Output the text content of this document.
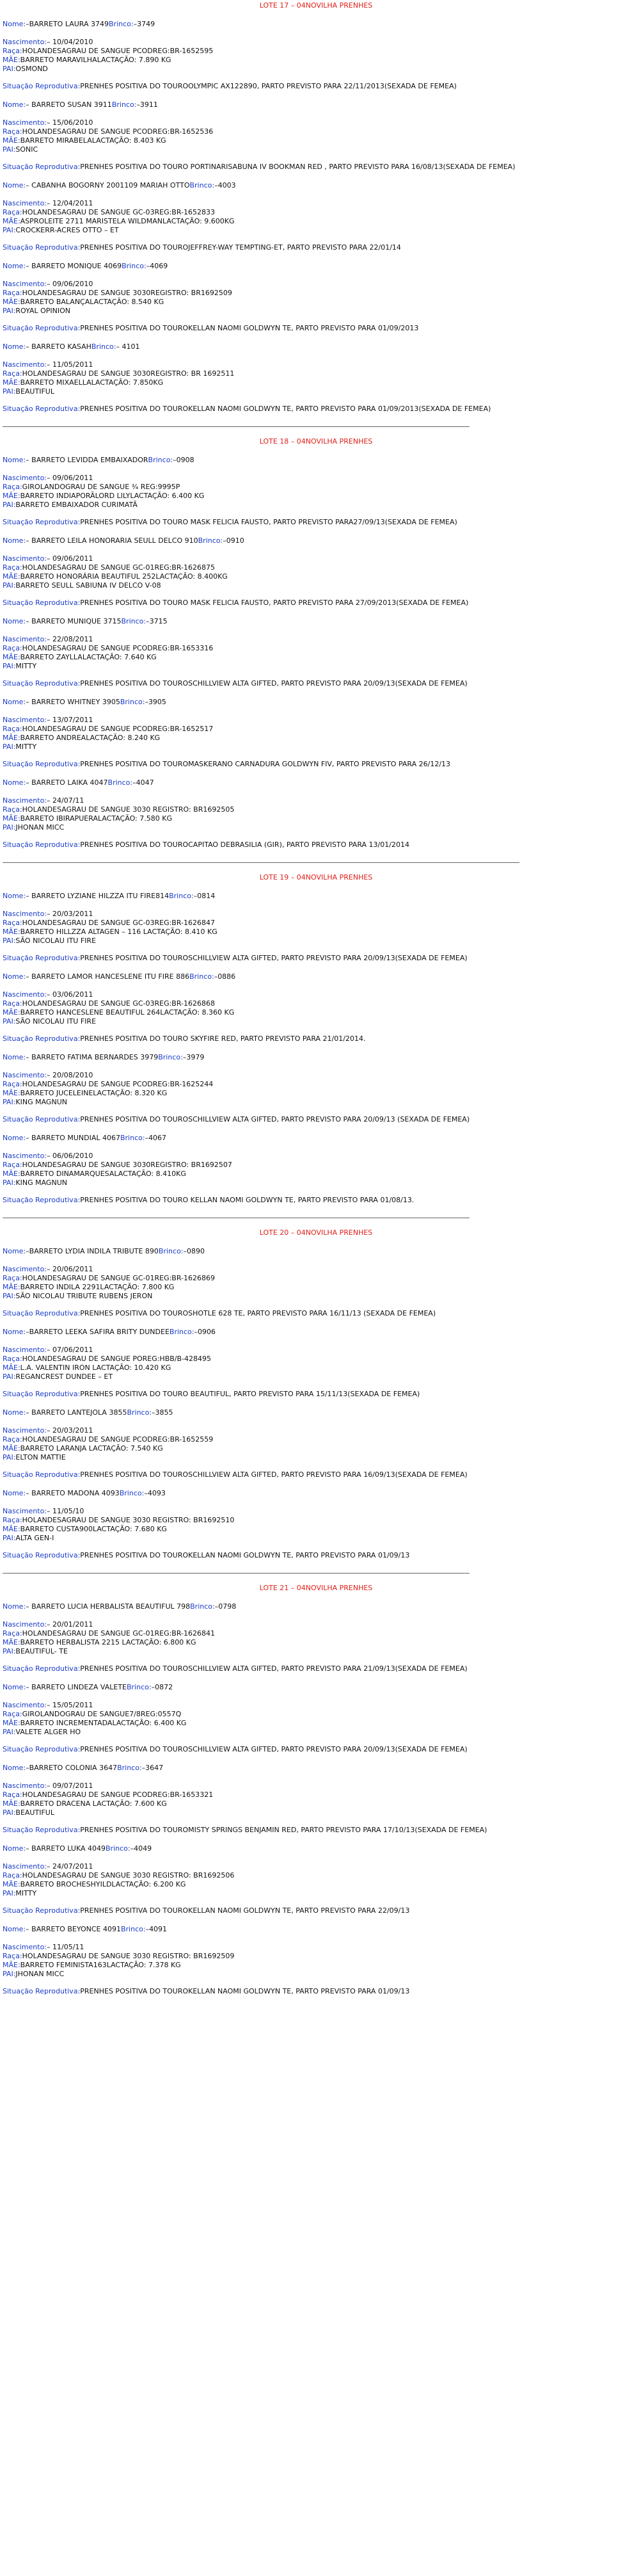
LOTE 17 – 04NOVILHA PRENHES
Nome:–BARRETO LAURA 3749Brinco:–3749
Nascimento:– 10/04/2010
Raça:HOLANDESAGRAU DE SANGUE PCODREG:BR-1652595
MÃE:BARRETO MARAVILHALACTAÇÃO: 7.890 KG
PAI:OSMOND
Situação Reprodutiva:PRENHES POSITIVA DO TOUROOLYMPIC AX122890, PARTO PREVISTO PARA 22/11/2013(SEXADA DE FEMEA)
Nome:– BARRETO SUSAN 3911Brinco:–3911
Nascimento:– 15/06/2010
Raça:HOLANDESAGRAU DE SANGUE PCODREG:BR-1652536
MÃE:BARRETO MIRABELALACTAÇÃO: 8.403 KG
PAI:SONIC
Situação Reprodutiva:PRENHES POSITIVA DO TOURO PORTINARISABUNA IV BOOKMAN RED , PARTO PREVISTO PARA 16/08/13(SEXADA DE FEMEA)
Nome:– CABANHA BOGORNY 2001109 MARIAH OTTOBrinco:–4003
Nascimento:– 12/04/2011
Raça:HOLANDESAGRAU DE SANGUE GC-03REG:BR-1652833
MÃE:ASPROLEITE 2711 MARISTELA WILDMANLACTAÇÃO: 9.600KG
PAI:CROCKERR-ACRES OTTO – ET
Situação Reprodutiva:PRENHES POSITIVA DO TOUROJEFFREY-WAY TEMPTING-ET, PARTO PREVISTO PARA 22/01/14
Nome:– BARRETO MONIQUE 4069Brinco:–4069
Nascimento:– 09/06/2010
Raça:HOLANDESAGRAU DE SANGUE 3030REGISTRO: BR1692509
MÃE:BARRETO BALANÇALACTAÇÃO: 8.540 KG
PAI:ROYAL OPINION
Situação Reprodutiva:PRENHES POSITIVA DO TOUROKELLAN NAOMI GOLDWYN TE, PARTO PREVISTO PARA 01/09/2013
Nome:– BARRETO KASAHBrinco:– 4101
Nascimento:– 11/05/2011
Raça:HOLANDESAGRAU DE SANGUE 3030REGISTRO: BR 1692511
MÃE:BARRETO MIXAELLALACTAÇÃO: 7.850KG
PAI:BEAUTIFUL
Situação Reprodutiva:PRENHES POSITIVA DO TOUROKELLAN NAOMI GOLDWYN TE, PARTO PREVISTO PARA 01/09/2013(SEXADA DE FEMEA)
LOTE 18 – 04NOVILHA PRENHES
Nome:– BARRETO LEVIDDA EMBAIXADORBrinco:–0908
Nascimento:– 09/06/2011
Raça:GIROLANDOGRAU DE SANGUE ¾ REG:9995P
MÃE:BARRETO INDIAPORÃLORD LILYLACTAÇÃO: 6.400 KG
PAI:BARRETO EMBAIXADOR CURIMATÃ
Situação Reprodutiva:PRENHES POSITIVA DO TOURO MASK FELICIA FAUSTO, PARTO PREVISTO PARA27/09/13(SEXADA DE FEMEA)
Nome:– BARRETO LEILA HONORARIA SEULL DELCO 910Brinco:–0910
Nascimento:– 09/06/2011
Raça:HOLANDESAGRAU DE SANGUE GC-01REG:BR-1626875
MÃE:BARRETO HONORÁRIA BEAUTIFUL 252LACTAÇÃO: 8.400KG
PAI:BARRETO SEULL SABIUNA IV DELCO V-08
Situação Reprodutiva:PRENHES POSITIVA DO TOURO MASK FELICIA FAUSTO, PARTO PREVISTO PARA 27/09/2013(SEXADA DE FEMEA)
Nome:– BARRETO MUNIQUE 3715Brinco:–3715
Nascimento:– 22/08/2011
Raça:HOLANDESAGRAU DE SANGUE PCODREG:BR-1653316
MÃE:BARRETO ZAYLLALACTAÇÃO: 7.640 KG
PAI:MITTY
Situação Reprodutiva:PRENHES POSITIVA DO TOUROSCHILLVIEW ALTA GIFTED, PARTO PREVISTO PARA 20/09/13(SEXADA DE FEMEA)
Nome:– BARRETO WHITNEY 3905Brinco:–3905
Nascimento:– 13/07/2011
Raça:HOLANDESAGRAU DE SANGUE PCODREG:BR-1652517
MÃE:BARRETO ANDREALACTAÇÃO: 8.240 KG
PAI:MITTY
Situação Reprodutiva:PRENHES POSITIVA DO TOUROMASKERANO CARNADURA GOLDWYN FIV, PARTO PREVISTO PARA 26/12/13
Nome:– BARRETO LAIKA 4047Brinco:–4047
Nascimento:– 24/07/11
Raça:HOLANDESAGRAU DE SANGUE 3030 REGISTRO: BR1692505
MÃE:BARRETO IBIRAPUERALACTAÇÃO: 7.580 KG
PAI:JHONAN MICC
Situação Reprodutiva:PRENHES POSITIVA DO TOUROCAPITAO DEBRASILIA (GIR), PARTO PREVISTO PARA 13/01/2014
LOTE 19 – 04NOVILHA PRENHES
Nome:– BARRETO LYZIANE HILZZA ITU FIRE814Brinco:–0814
Nascimento:– 20/03/2011
Raça:HOLANDESAGRAU DE SANGUE GC-03REG:BR-1626847
MÃE:BARRETO HILLZZA ALTAGEN – 116 LACTAÇÃO: 8.410 KG
PAI:SÃO NICOLAU ITU FIRE
Situação Reprodutiva:PRENHES POSITIVA DO TOUROSCHILLVIEW ALTA GIFTED, PARTO PREVISTO PARA 20/09/13(SEXADA DE FEMEA)
Nome:– BARRETO LAMOR HANCESLENE ITU FIRE 886Brinco:–0886
Nascimento:– 03/06/2011
Raça:HOLANDESAGRAU DE SANGUE GC-03REG:BR-1626868
MÃE:BARRETO HANCESLENE BEAUTIFUL 264LACTAÇÃO: 8.360 KG
PAI:SÃO NICOLAU ITU FIRE
Situação Reprodutiva:PRENHES POSITIVA DO TOURO SKYFIRE RED, PARTO PREVISTO PARA 21/01/2014.
Nome:– BARRETO FATIMA BERNARDES 3979Brinco:–3979
Nascimento:– 20/08/2010
Raça:HOLANDESAGRAU DE SANGUE PCODREG:BR-1625244
MÃE:BARRETO JUCELEINELACTAÇÃO: 8.320 KG
PAI:KING MAGNUN
Situação Reprodutiva:PRENHES POSITIVA DO TOUROSCHILLVIEW ALTA GIFTED, PARTO PREVISTO PARA 20/09/13 (SEXADA DE FEMEA)
Nome:– BARRETO MUNDIAL 4067Brinco:–4067
Nascimento:– 06/06/2010
Raça:HOLANDESAGRAU DE SANGUE 3030REGISTRO: BR1692507
MÃE:BARRETO DINAMARQUESALACTAÇÃO: 8.410KG
PAI:KING MAGNUN
Situação Reprodutiva:PRENHES POSITIVA DO TOURO KELLAN NAOMI GOLDWYN TE, PARTO PREVISTO PARA 01/08/13.
LOTE 20 – 04NOVILHA PRENHES
Nome:–BARRETO LYDIA INDILA TRIBUTE 890Brinco:–0890
Nascimento:– 20/06/2011
Raça:HOLANDESAGRAU DE SANGUE GC-01REG:BR-1626869
MÃE:BARRETO INDILA 2291LACTAÇÃO: 7.800 KG
PAI:SÃO NICOLAU TRIBUTE RUBENS JERON
Situação Reprodutiva:PRENHES POSITIVA DO TOUROSHOTLE 628 TE, PARTO PREVISTO PARA 16/11/13 (SEXADA DE FEMEA)
Nome:–BARRETO LEEKA SAFIRA BRITY DUNDEEBrinco:–0906
Nascimento:– 07/06/2011
Raça:HOLANDESAGRAU DE SANGUE POREG:HBB/B-428495
MÃE:L.A. VALENTIN IRON LACTAÇÃO: 10.420 KG
PAI:REGANCREST DUNDEE – ET
Situação Reprodutiva:PRENHES POSITIVA DO TOURO BEAUTIFUL, PARTO PREVISTO PARA 15/11/13(SEXADA DE FEMEA)
Nome:– BARRETO LANTEJOLA 3855Brinco:–3855
Nascimento:– 20/03/2011
Raça:HOLANDESAGRAU DE SANGUE PCODREG:BR-1652559
MÃE:BARRETO LARANJA LACTAÇÃO: 7.540 KG
PAI:ELTON MATTIE
Situação Reprodutiva:PRENHES POSITIVA DO TOUROSCHILLVIEW ALTA GIFTED, PARTO PREVISTO PARA 16/09/13(SEXADA DE FEMEA)
Nome:– BARRETO MADONA 4093Brinco:–4093
Nascimento:– 11/05/10
Raça:HOLANDESAGRAU DE SANGUE 3030 REGISTRO: BR1692510
MÃE:BARRETO CUSTA900LACTAÇÃO: 7.680 KG
PAI:ALTA GEN-I
Situação Reprodutiva:PRENHES POSITIVA DO TOUROKELLAN NAOMI GOLDWYN TE, PARTO PREVISTO PARA 01/09/13
LOTE 21 – 04NOVILHA PRENHES
Nome:– BARRETO LUCIA HERBALISTA BEAUTIFUL 798Brinco:–0798
Nascimento:– 20/01/2011
Raça:HOLANDESAGRAU DE SANGUE GC-01REG:BR-1626841
MÃE:BARRETO HERBALISTA 2215 LACTAÇÃO: 6.800 KG
PAI:BEAUTIFUL- TE
Situação Reprodutiva:PRENHES POSITIVA DO TOUROSCHILLVIEW ALTA GIFTED, PARTO PREVISTO PARA 21/09/13(SEXADA DE FEMEA)
Nome:– BARRETO LINDEZA VALETEBrinco:–0872
Nascimento:– 15/05/2011
Raça:GIROLANDOGRAU DE SANGUE7/8REG:0557Q
MÃE:BARRETO INCREMENTADALACTAÇÃO: 6.400 KG
PAI:VALETE ALGER HO
Situação Reprodutiva:PRENHES POSITIVA DO TOUROSCHILLVIEW ALTA GIFTED, PARTO PREVISTO PARA 20/09/13(SEXADA DE FEMEA)
Nome:–BARRETO COLONIA 3647Brinco:–3647
Nascimento:– 09/07/2011
Raça:HOLANDESAGRAU DE SANGUE PCODREG:BR-1653321
MÃE:BARRETO DRACENA LACTAÇÃO: 7.600 KG
PAI:BEAUTIFUL
Situação Reprodutiva:PRENHES POSITIVA DO TOUROMISTY SPRINGS BENJAMIN RED, PARTO PREVISTO PARA 17/10/13(SEXADA DE FEMEA)
Nome:– BARRETO LUKA 4049Brinco:–4049
Nascimento:– 24/07/2011
Raça:HOLANDESAGRAU DE SANGUE 3030 REGISTRO: BR1692506
MÃE:BARRETO BROCHESHYILDLACTAÇÃO: 6.200 KG
PAI:MITTY
Situação Reprodutiva:PRENHES POSITIVA DO TOUROKELLAN NAOMI GOLDWYN TE, PARTO PREVISTO PARA 22/09/13
Nome:– BARRETO BEYONCE 4091Brinco:–4091
Nascimento:– 11/05/11
Raça:HOLANDESAGRAU DE SANGUE 3030 REGISTRO: BR1692509
MÃE:BARRETO FEMINISTA163LACTAÇÃO: 7.378 KG
PAI:JHONAN MICC
Situação Reprodutiva:PRENHES POSITIVA DO TOUROKELLAN NAOMI GOLDWYN TE, PARTO PREVISTO PARA 01/09/13
